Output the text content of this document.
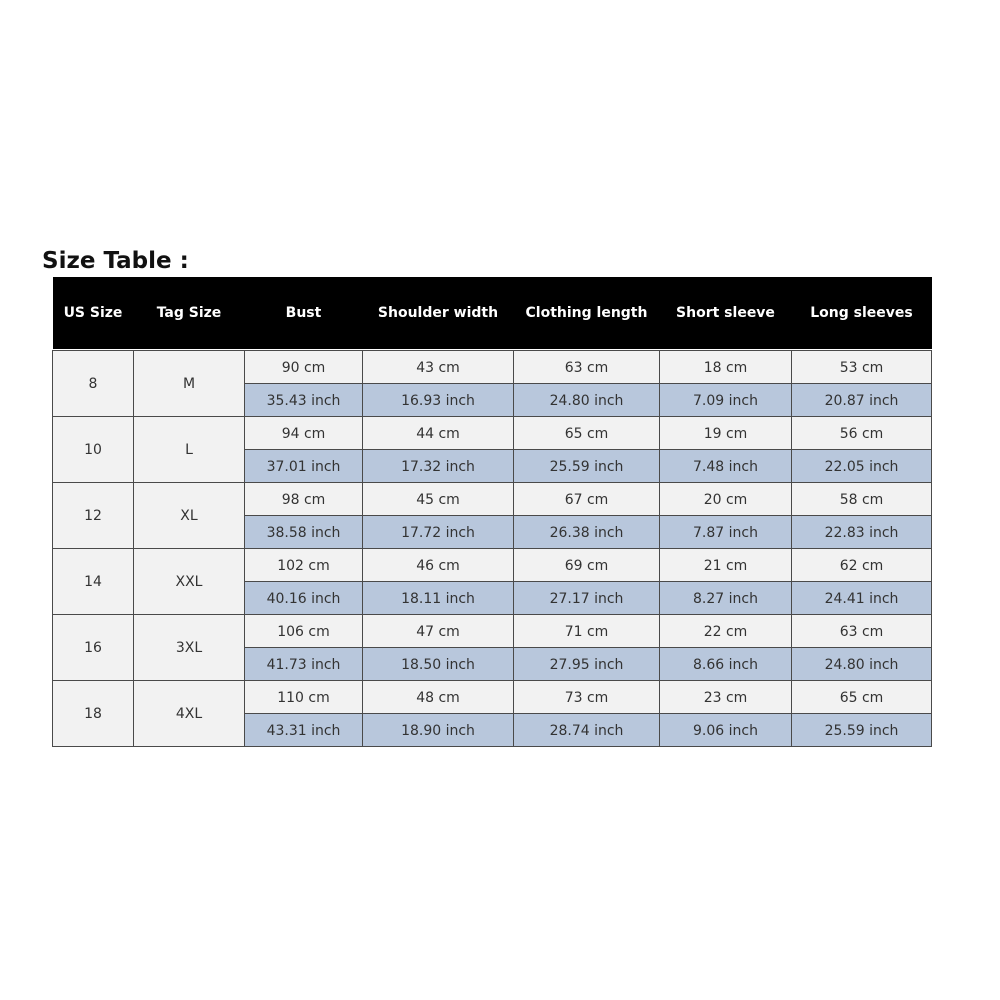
Size Table :
US Size	Tag Size	Bust	Shoulder width	Clothing length	Short sleeve	Long sleeves

8	M	90 cm	43 cm	63 cm	18 cm	53 cm
		35.43 inch	16.93 inch	24.80 inch	7.09 inch	20.87 inch
10	L	94 cm	44 cm	65 cm	19 cm	56 cm
		37.01 inch	17.32 inch	25.59 inch	7.48 inch	22.05 inch
12	XL	98 cm	45 cm	67 cm	20 cm	58 cm
		38.58 inch	17.72 inch	26.38 inch	7.87 inch	22.83 inch
14	XXL	102 cm	46 cm	69 cm	21 cm	62 cm
		40.16 inch	18.11 inch	27.17 inch	8.27 inch	24.41 inch
16	3XL	106 cm	47 cm	71 cm	22 cm	63 cm
		41.73 inch	18.50 inch	27.95 inch	8.66 inch	24.80 inch
18	4XL	110 cm	48 cm	73 cm	23 cm	65 cm
		43.31 inch	18.90 inch	28.74 inch	9.06 inch	25.59 inch
